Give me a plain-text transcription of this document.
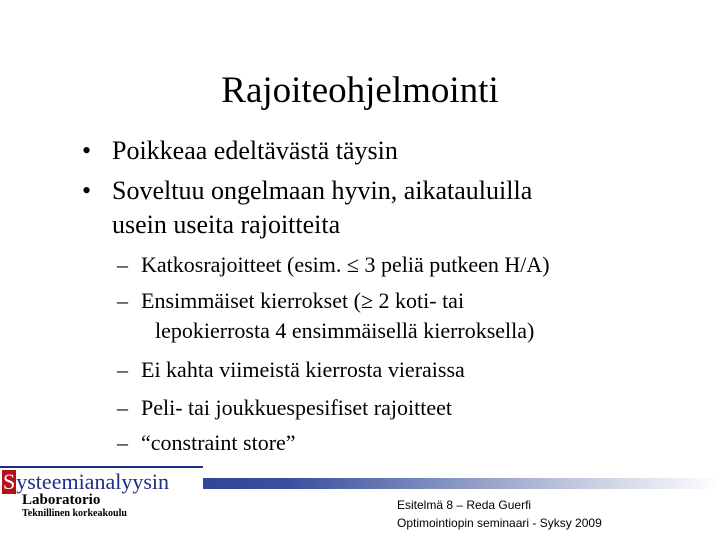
Rajoiteohjelmointi
• Poikkeaa edeltävästä täysin
• Soveltuu ongelmaan hyvin, aikatauluilla
usein useita rajoitteita
– Katkosrajoitteet (esim. ≤ 3 peliä putkeen H/A)
– Ensimmäiset kierrokset (≥ 2 koti- tai
lepokierrosta 4 ensimmäisellä kierroksella)
– Ei kahta viimeistä kierrosta vieraissa
– Peli- tai joukkuespesifiset rajoitteet
– “constraint store”
Systeemianalyysin
Laboratorio
Teknillinen korkeakoulu
Esitelmä 8 – Reda Guerfi
Optimointiopin seminaari - Syksy 2009
